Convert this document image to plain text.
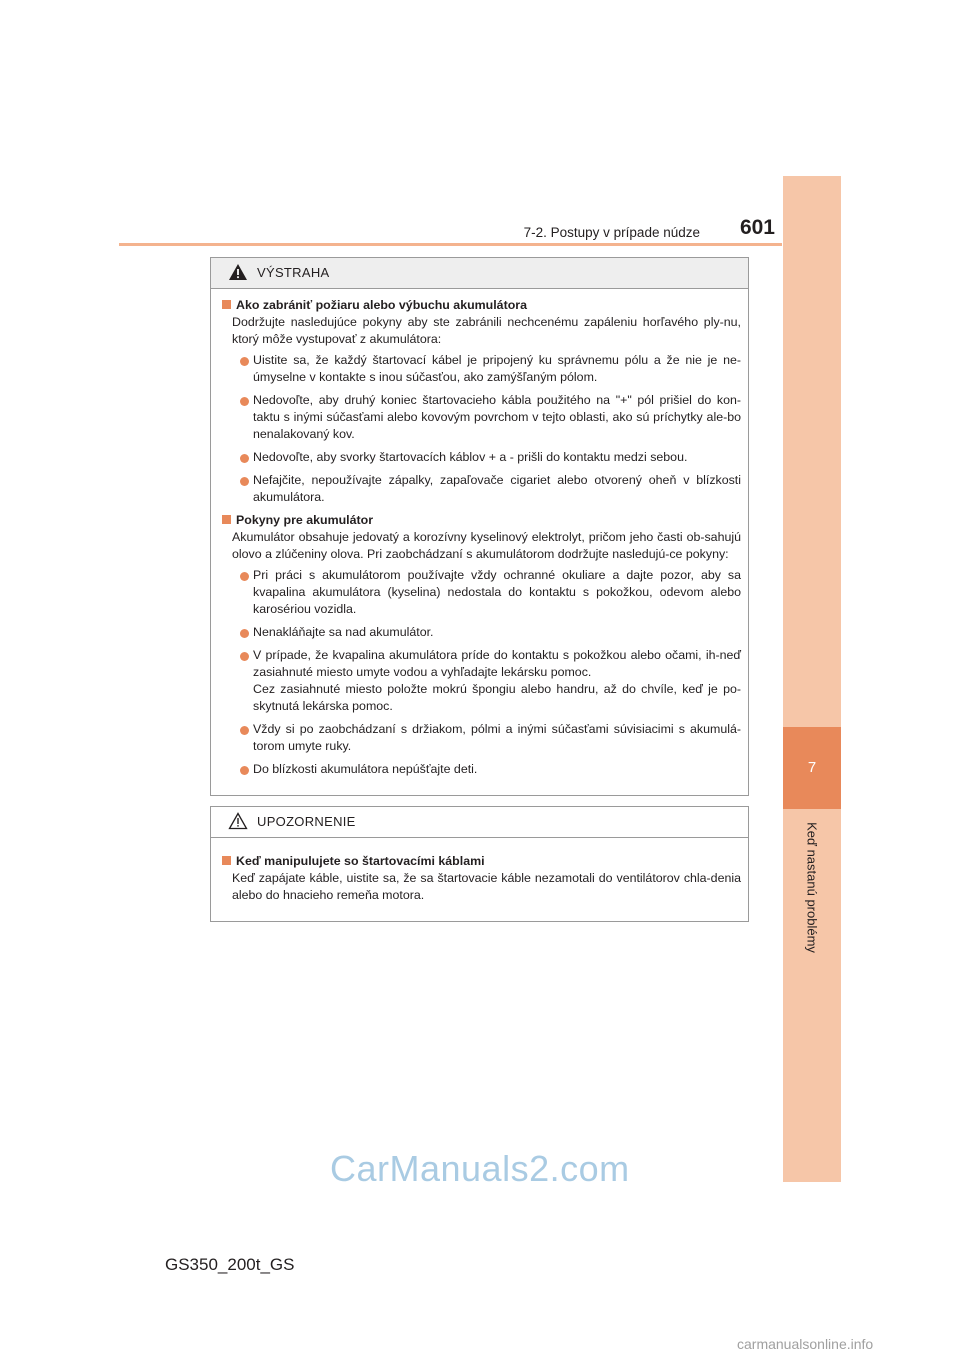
7
Keď nastanú problémy
7-2. Postupy v prípade núdze	601
VÝSTRAHA
Ako zabrániť požiaru alebo výbuchu akumulátora
Dodržujte nasledujúce pokyny aby ste zabránili nechcenému zapáleniu horľavého ply-nu, ktorý môže vystupovať z akumulátora:
Uistite sa, že každý štartovací kábel je pripojený ku správnemu pólu a že nie je ne-úmyselne v kontakte s inou súčasťou, ako zamýšľaným pólom.
Nedovoľte, aby druhý koniec štartovacieho kábla použitého na "+" pól prišiel do kon-taktu s inými súčasťami alebo kovovým povrchom v tejto oblasti, ako sú príchytky ale-bo nenalakovaný kov.
Nedovoľte, aby svorky štartovacích káblov + a - prišli do kontaktu medzi sebou.
Nefajčite, nepoužívajte zápalky, zapaľovače cigariet alebo otvorený oheň v blízkosti akumulátora.
Pokyny pre akumulátor
Akumulátor obsahuje jedovatý a korozívny kyselinový elektrolyt, pričom jeho časti ob-sahujú olovo a zlúčeniny olova. Pri zaobchádzaní s akumulátorom dodržujte nasledujú-ce pokyny:
Pri práci s akumulátorom používajte vždy ochranné okuliare a dajte pozor, aby sa kvapalina akumulátora (kyselina) nedostala do kontaktu s pokožkou, odevom alebo karosériou vozidla.
Nenakláňajte sa nad akumulátor.
V prípade, že kvapalina akumulátora príde do kontaktu s pokožkou alebo očami, ih-neď zasiahnuté miesto umyte vodou a vyhľadajte lekársku pomoc.
Cez zasiahnuté miesto položte mokrú špongiu alebo handru, až do chvíle, keď je po-skytnutá lekárska pomoc.
Vždy si po zaobchádzaní s držiakom, pólmi a inými súčasťami súvisiacimi s akumulá-torom umyte ruky.
Do blízkosti akumulátora nepúšťajte deti.
UPOZORNENIE
Keď manipulujete so štartovacími káblami
Keď zapájate káble, uistite sa, že sa štartovacie káble nezamotali do ventilátorov chla-denia alebo do hnacieho remeňa motora.
CarManuals2.com
GS350_200t_GS
carmanualsonline.info
